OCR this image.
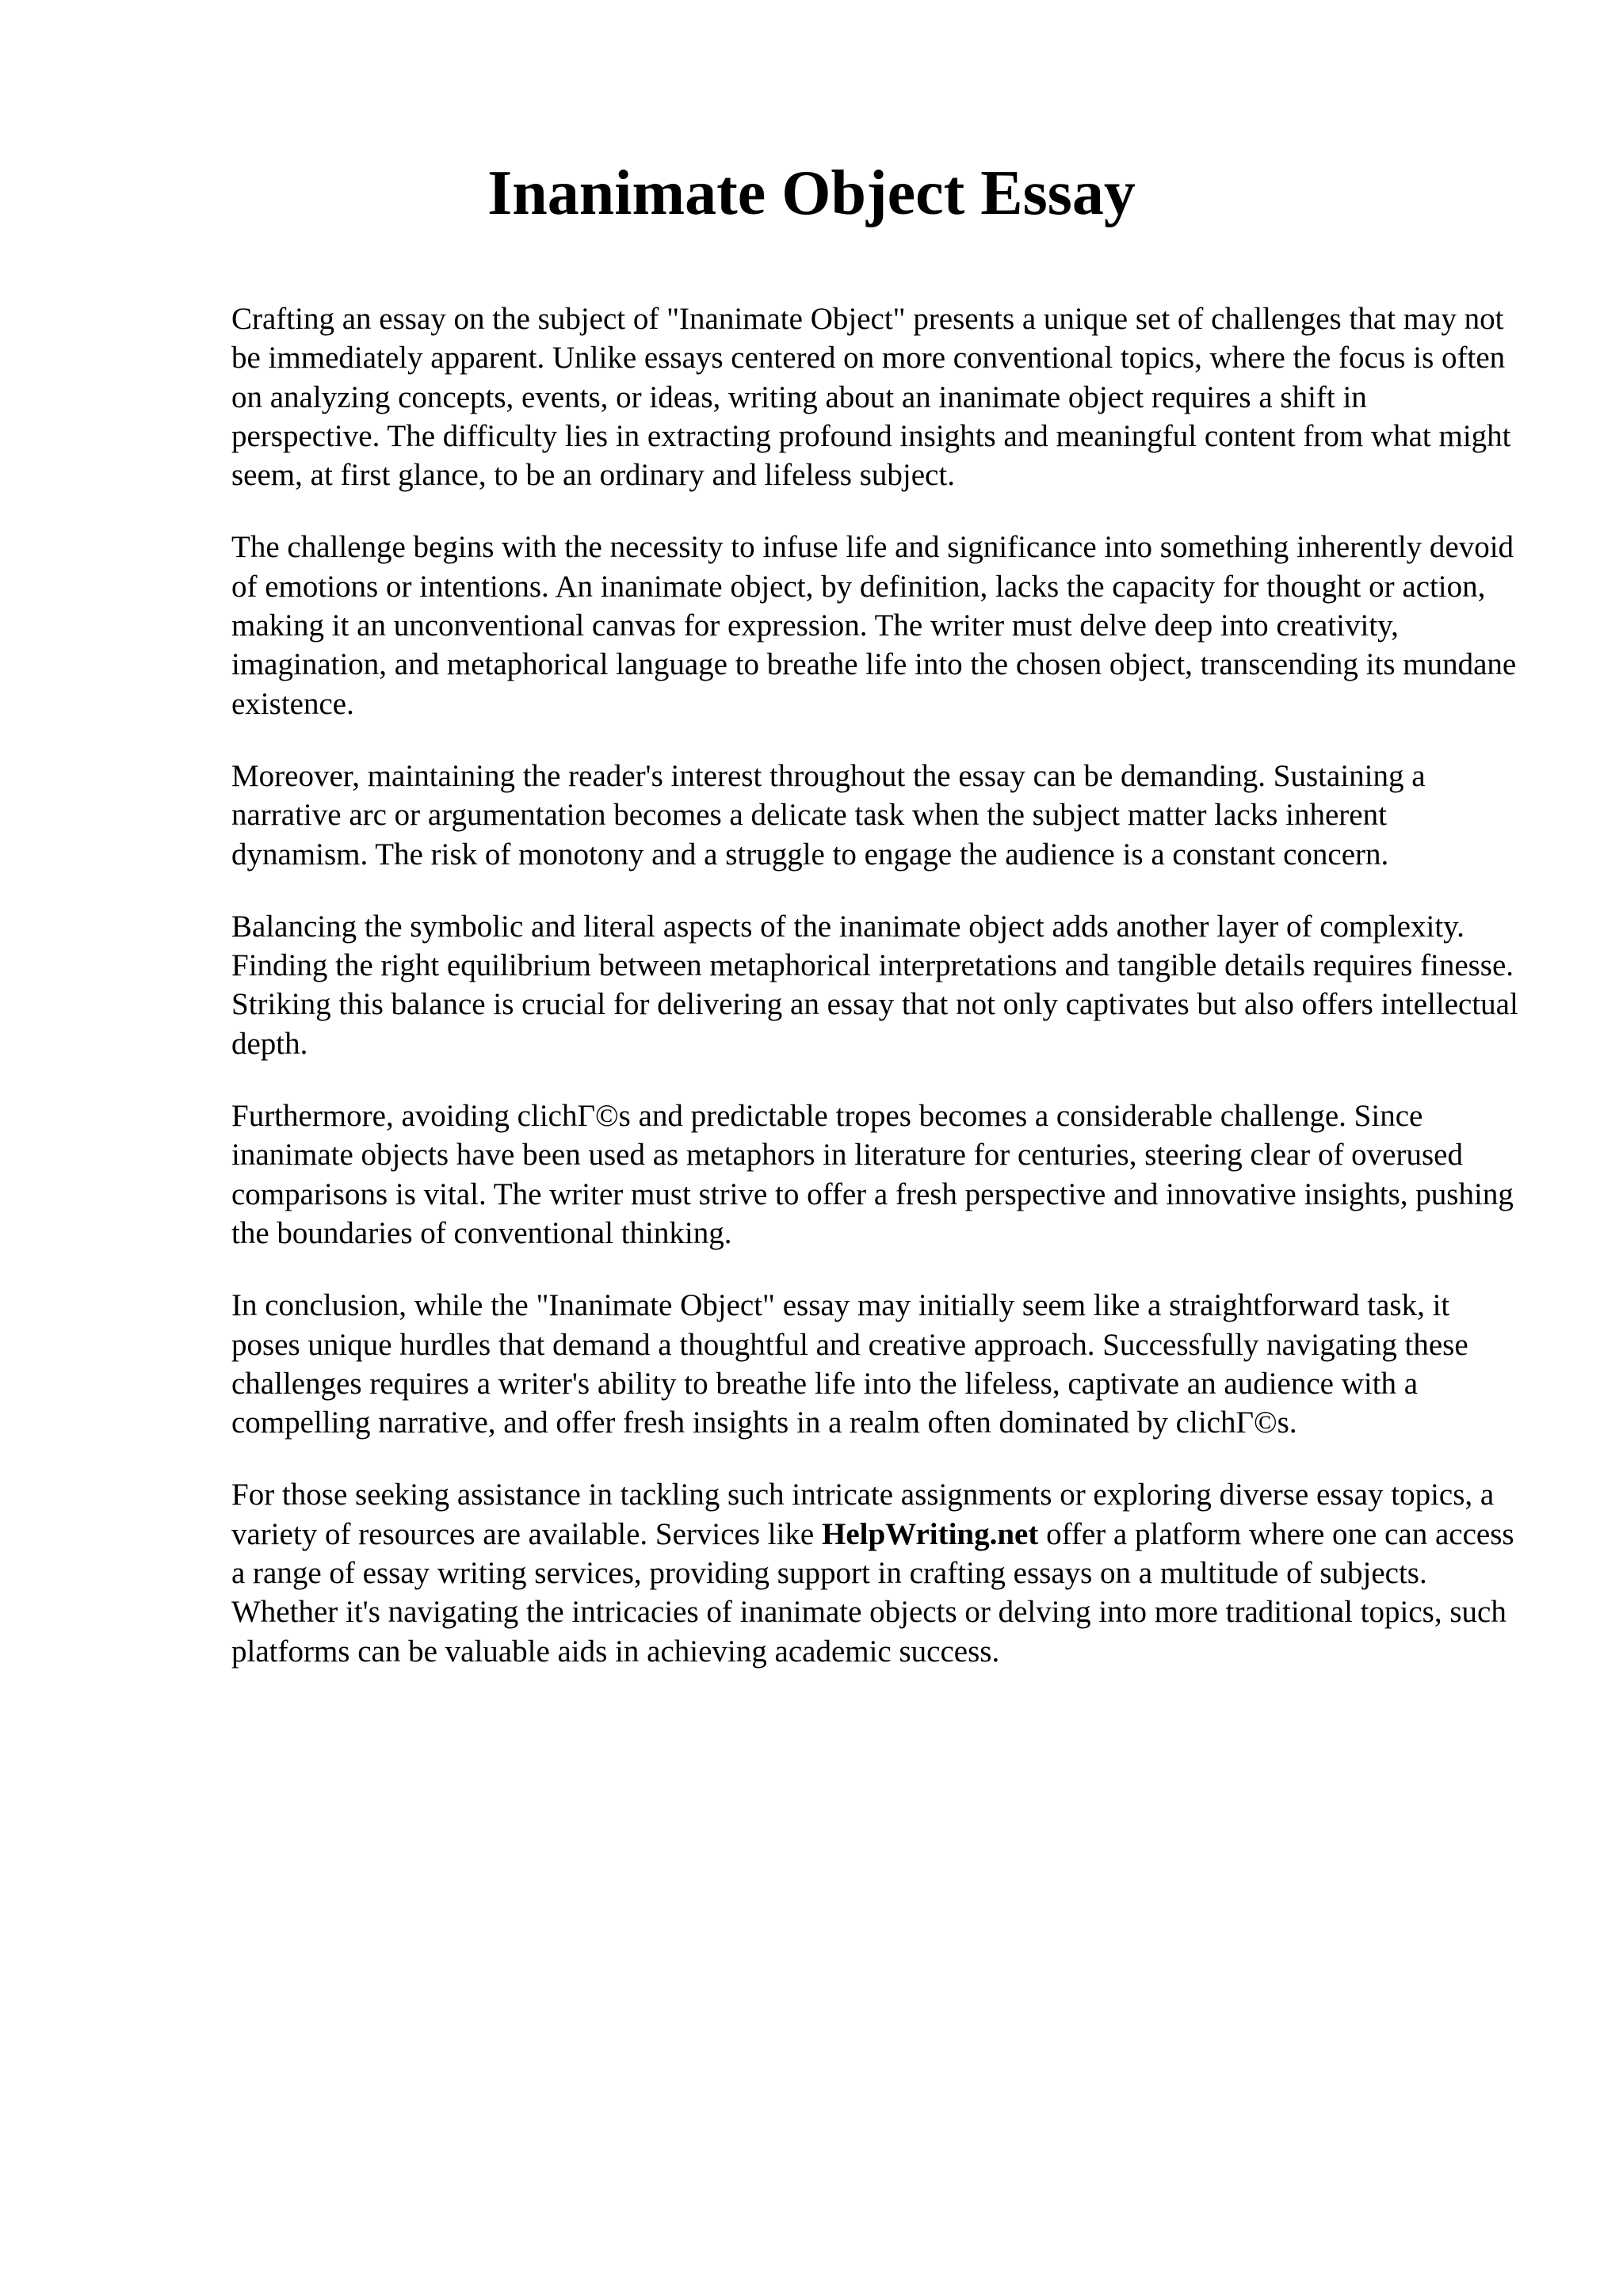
Inanimate Object Essay

Crafting an essay on the subject of "Inanimate Object" presents a unique set of challenges that may not be immediately apparent. Unlike essays centered on more conventional topics, where the focus is often on analyzing concepts, events, or ideas, writing about an inanimate object requires a shift in perspective. The difficulty lies in extracting profound insights and meaningful content from what might seem, at first glance, to be an ordinary and lifeless subject.

The challenge begins with the necessity to infuse life and significance into something inherently devoid of emotions or intentions. An inanimate object, by definition, lacks the capacity for thought or action, making it an unconventional canvas for expression. The writer must delve deep into creativity, imagination, and metaphorical language to breathe life into the chosen object, transcending its mundane existence.

Moreover, maintaining the reader's interest throughout the essay can be demanding. Sustaining a narrative arc or argumentation becomes a delicate task when the subject matter lacks inherent dynamism. The risk of monotony and a struggle to engage the audience is a constant concern.

Balancing the symbolic and literal aspects of the inanimate object adds another layer of complexity. Finding the right equilibrium between metaphorical interpretations and tangible details requires finesse. Striking this balance is crucial for delivering an essay that not only captivates but also offers intellectual depth.

Furthermore, avoiding clichГ©s and predictable tropes becomes a considerable challenge. Since inanimate objects have been used as metaphors in literature for centuries, steering clear of overused comparisons is vital. The writer must strive to offer a fresh perspective and innovative insights, pushing the boundaries of conventional thinking.

In conclusion, while the "Inanimate Object" essay may initially seem like a straightforward task, it poses unique hurdles that demand a thoughtful and creative approach. Successfully navigating these challenges requires a writer's ability to breathe life into the lifeless, captivate an audience with a compelling narrative, and offer fresh insights in a realm often dominated by clichГ©s.

For those seeking assistance in tackling such intricate assignments or exploring diverse essay topics, a variety of resources are available. Services like HelpWriting.net offer a platform where one can access a range of essay writing services, providing support in crafting essays on a multitude of subjects. Whether it's navigating the intricacies of inanimate objects or delving into more traditional topics, such platforms can be valuable aids in achieving academic success.
